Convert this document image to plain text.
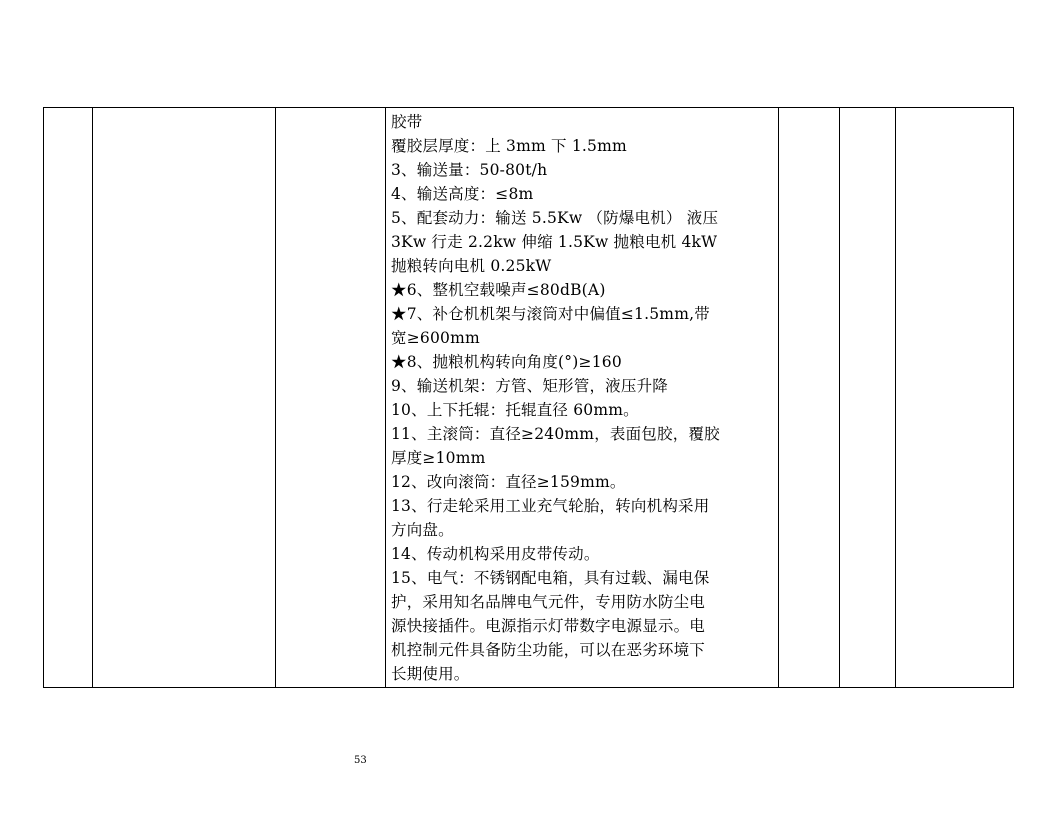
胶带
覆胶层厚度：上 3mm 下 1.5mm
3、输送量：50-80t/h
4、输送高度：≤8m
5、配套动力：输送 5.5Kw （防爆电机） 液压
3Kw 行走 2.2kw 伸缩 1.5Kw 抛粮电机 4kW
抛粮转向电机 0.25kW
★6、整机空载噪声≤80dB(A)
★7、补仓机机架与滚筒对中偏值≤1.5mm,带
宽≥600mm
★8、抛粮机构转向角度(°)≥160
9、输送机架：方管、矩形管，液压升降
10、上下托辊：托辊直径 60mm。
11、主滚筒：直径≥240mm，表面包胶，覆胶
厚度≥10mm
12、改向滚筒：直径≥159mm。
13、行走轮采用工业充气轮胎，转向机构采用
方向盘。
14、传动机构采用皮带传动。
15、电气：不锈钢配电箱，具有过载、漏电保
护，采用知名品牌电气元件，专用防水防尘电
源快接插件。电源指示灯带数字电源显示。电
机控制元件具备防尘功能，可以在恶劣环境下
长期使用。

53
